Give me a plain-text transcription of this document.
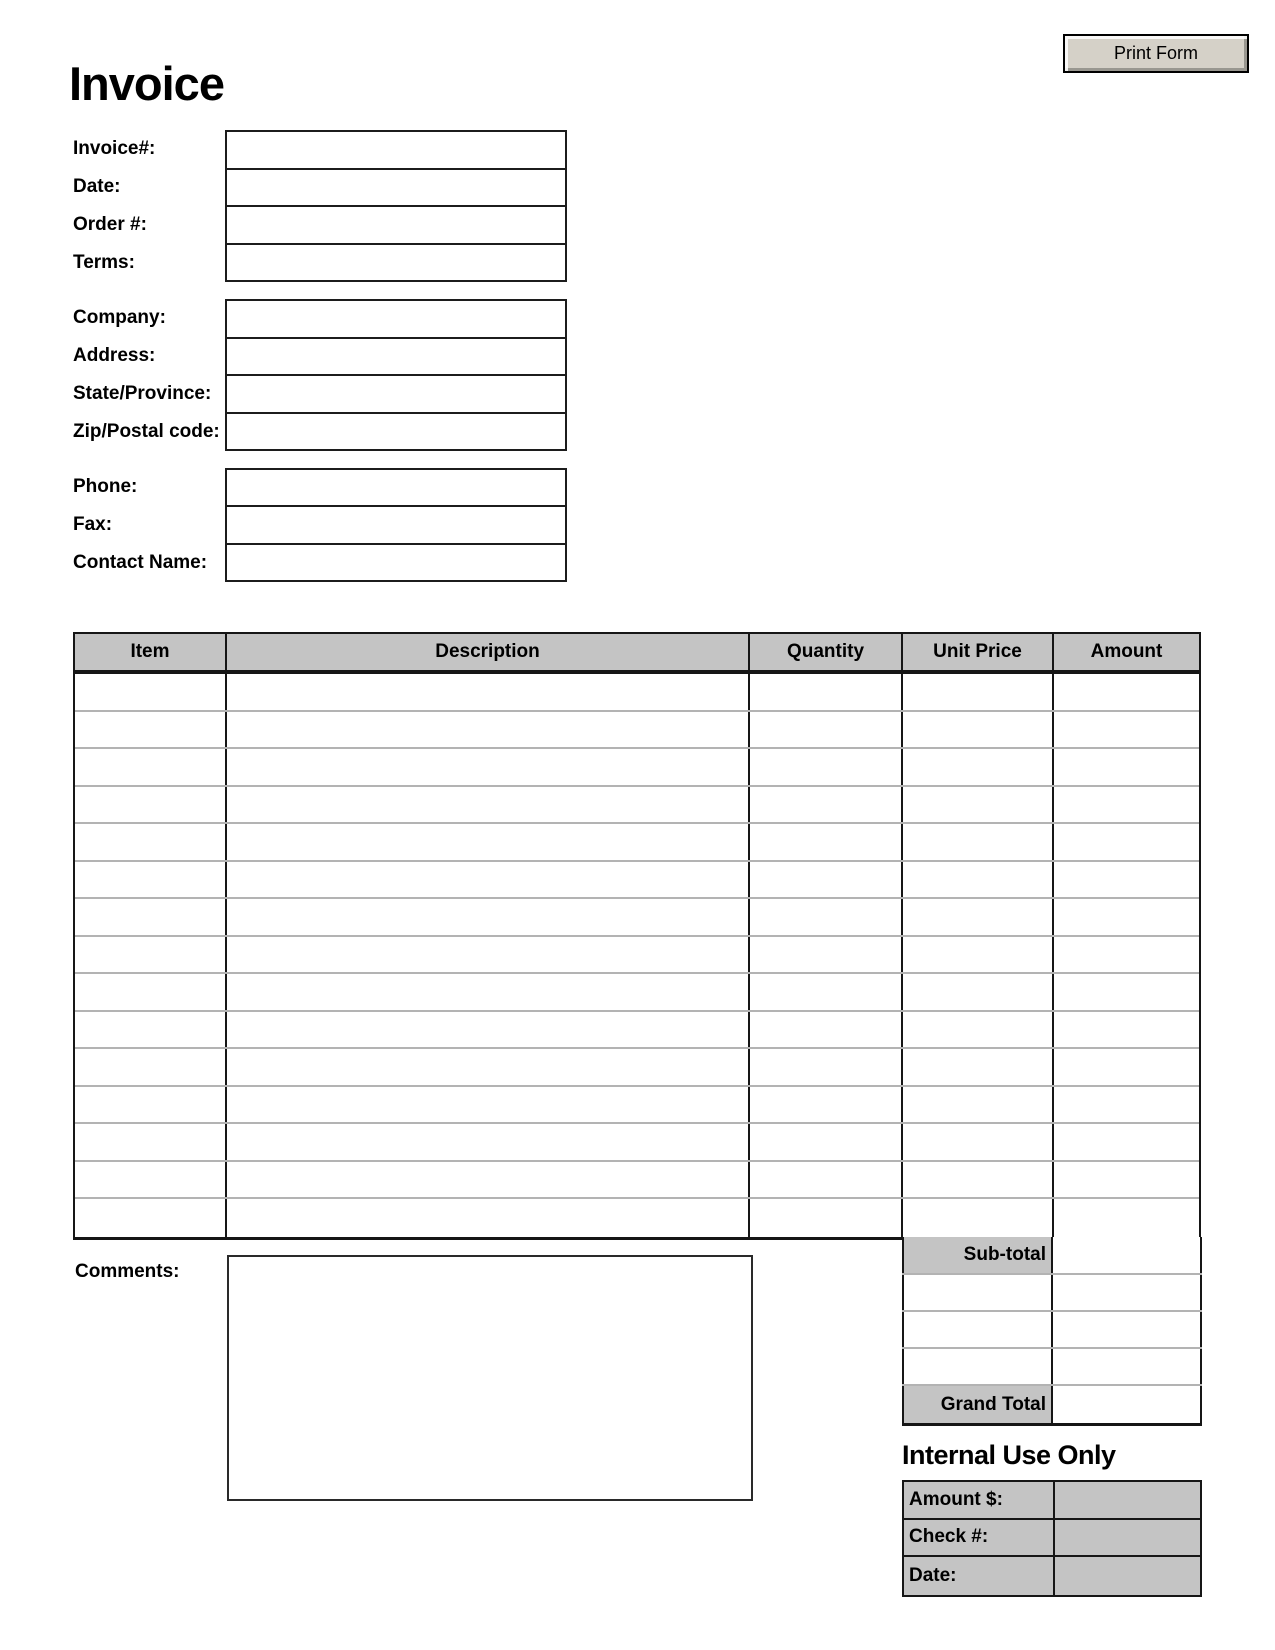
Print Form
Invoice
Invoice#:
Date:
Order #:
Terms:
Company:
Address:
State/Province:
Zip/Postal code:
Phone:
Fax:
Contact Name:
Item	Description	Quantity	Unit Price	Amount
Sub-total
Grand Total
Comments:
Internal Use Only
Amount $:
Check #:
Date:
